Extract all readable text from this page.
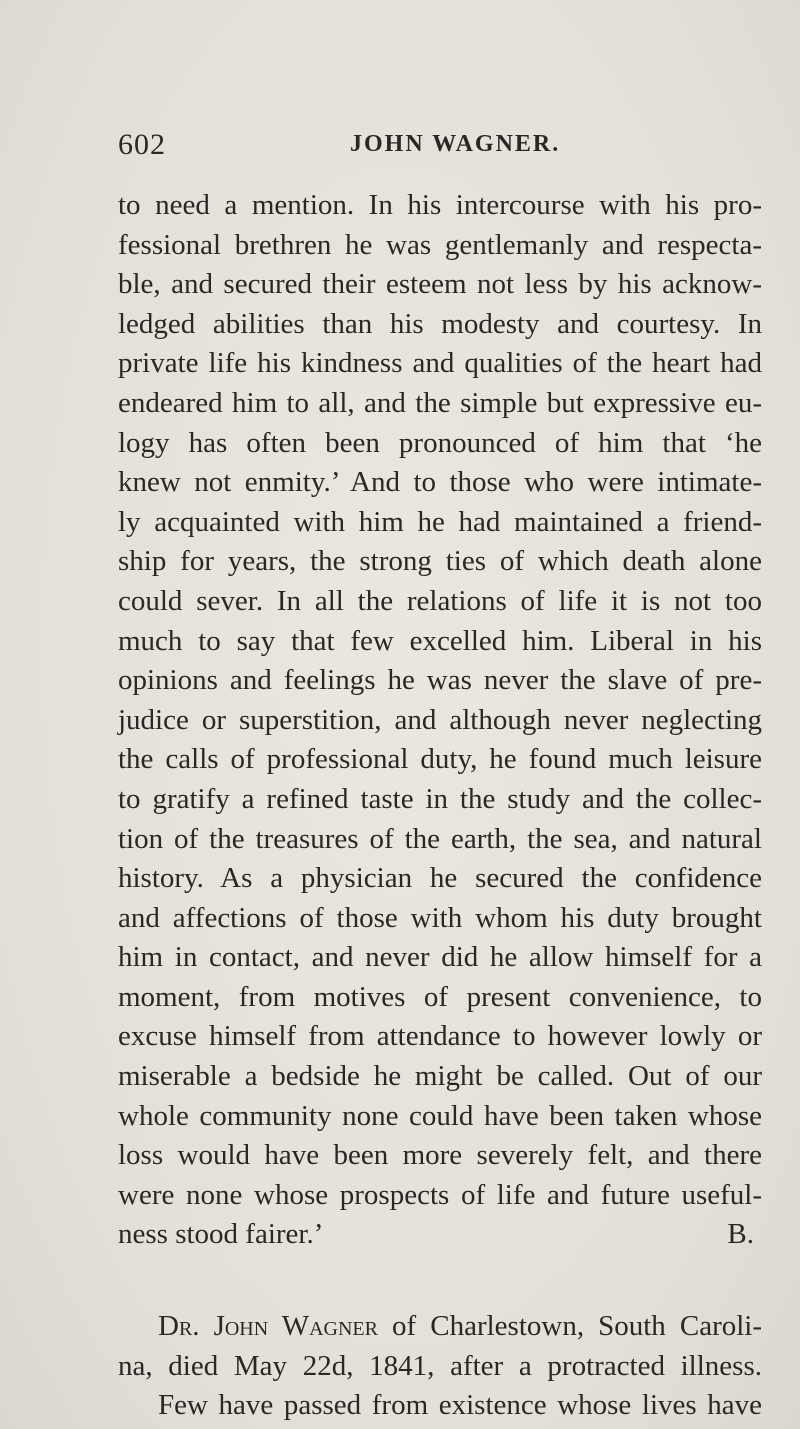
602	JOHN WAGNER.
to need a mention. In his intercourse with his pro-
fessional brethren he was gentlemanly and respecta-
ble, and secured their esteem not less by his acknow-
ledged abilities than his modesty and courtesy. In
private life his kindness and qualities of the heart had
endeared him to all, and the simple but expressive eu-
logy has often been pronounced of him that ‘he
knew not enmity.’ And to those who were intimate-
ly acquainted with him he had maintained a friend-
ship for years, the strong ties of which death alone
could sever. In all the relations of life it is not too
much to say that few excelled him. Liberal in his
opinions and feelings he was never the slave of pre-
judice or superstition, and although never neglecting
the calls of professional duty, he found much leisure
to gratify a refined taste in the study and the collec-
tion of the treasures of the earth, the sea, and natural
history. As a physician he secured the confidence
and affections of those with whom his duty brought
him in contact, and never did he allow himself for a
moment, from motives of present convenience, to
excuse himself from attendance to however lowly or
miserable a bedside he might be called. Out of our
whole community none could have been taken whose
loss would have been more severely felt, and there
were none whose prospects of life and future useful-
ness stood fairer.’	B.
Dr. John Wagner of Charlestown, South Caroli-
na, died May 22d, 1841, after a protracted illness.
Few have passed from existence whose lives have
